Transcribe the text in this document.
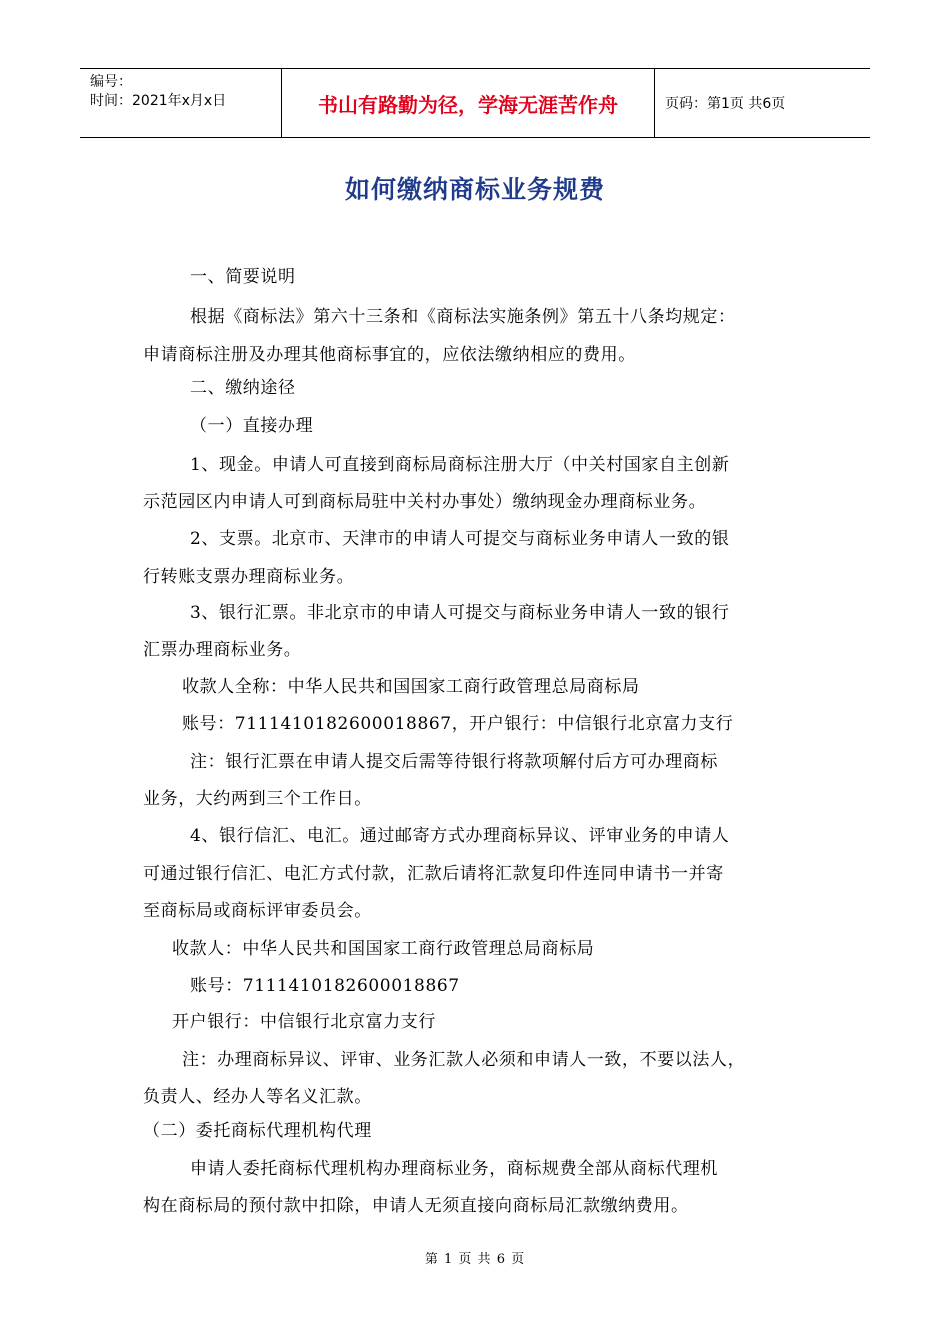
编号：
时间：2021年x月x日	书山有路勤为径，学海无涯苦作舟	页码：第1页 共6页
如何缴纳商标业务规费
一、简要说明
根据《商标法》第六十三条和《商标法实施条例》第五十八条均规定：
申请商标注册及办理其他商标事宜的，应依法缴纳相应的费用。
二、缴纳途径
（一）直接办理
1、现金。申请人可直接到商标局商标注册大厅（中关村国家自主创新
示范园区内申请人可到商标局驻中关村办事处）缴纳现金办理商标业务。
2、支票。北京市、天津市的申请人可提交与商标业务申请人一致的银
行转账支票办理商标业务。
3、银行汇票。非北京市的申请人可提交与商标业务申请人一致的银行
汇票办理商标业务。
收款人全称：中华人民共和国国家工商行政管理总局商标局
账号：7111410182600018867，开户银行：中信银行北京富力支行
注：银行汇票在申请人提交后需等待银行将款项解付后方可办理商标
业务，大约两到三个工作日。
4、银行信汇、电汇。通过邮寄方式办理商标异议、评审业务的申请人
可通过银行信汇、电汇方式付款，汇款后请将汇款复印件连同申请书一并寄
至商标局或商标评审委员会。
收款人：中华人民共和国国家工商行政管理总局商标局
账号：7111410182600018867
开户银行：中信银行北京富力支行
注：办理商标异议、评审、业务汇款人必须和申请人一致，不要以法人，
负责人、经办人等名义汇款。
（二）委托商标代理机构代理
申请人委托商标代理机构办理商标业务，商标规费全部从商标代理机
构在商标局的预付款中扣除，申请人无须直接向商标局汇款缴纳费用。
第 1 页 共 6 页
